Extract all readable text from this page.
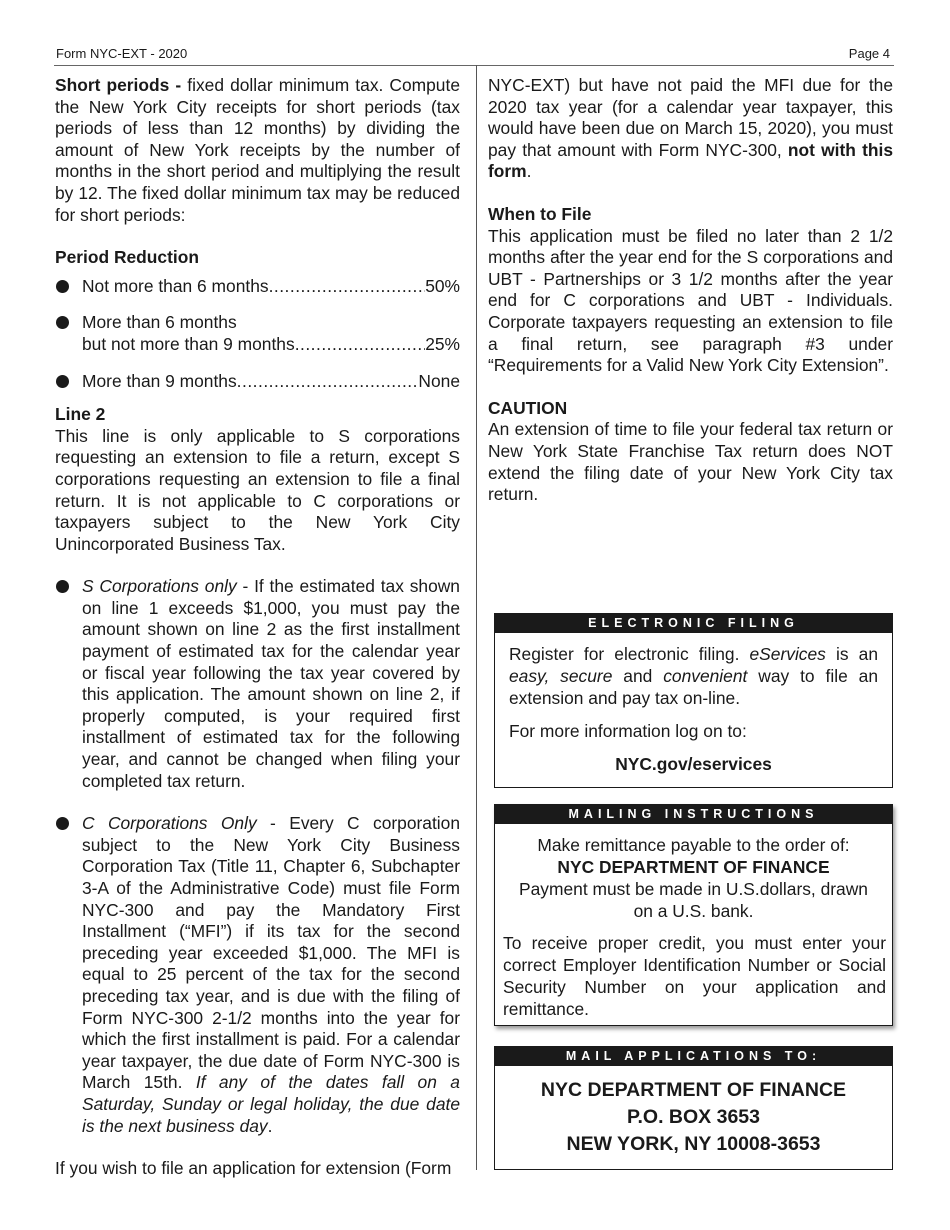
Form NYC-EXT - 2020	Page 4

Short periods - fixed dollar minimum tax. Compute the New York City receipts for short periods (tax periods of less than 12 months) by dividing the amount of New York receipts by the number of months in the short period and multiplying the result by 12. The fixed dollar minimum tax may be reduced for short periods:

Period Reduction

Not more than 6 months .....	50%
More than 6 months
but not more than 9 months .....	25%
More than 9 months .....	None

Line 2

This line is only applicable to S corporations requesting an extension to file a return, except S corporations requesting an extension to file a final return. It is not applicable to C corporations or taxpayers subject to the New York City Unincorporated Business Tax.

S Corporations only - If the estimated tax shown on line 1 exceeds $1,000, you must pay the amount shown on line 2 as the first installment payment of estimated tax for the calendar year or fiscal year following the tax year covered by this application. The amount shown on line 2, if properly computed, is your required first installment of estimated tax for the following year, and cannot be changed when filing your completed tax return.
C Corporations Only - Every C corporation subject to the New York City Business Corporation Tax (Title 11, Chapter 6, Subchapter 3-A of the Administrative Code) must file Form NYC-300 and pay the Mandatory First Installment (“MFI”) if its tax for the second preceding year exceeded $1,000. The MFI is equal to 25 percent of the tax for the second preceding tax year, and is due with the filing of Form NYC-300 2-1/2 months into the year for which the first installment is paid. For a calendar year taxpayer, the due date of Form NYC-300 is March 15th. If any of the dates fall on a Saturday, Sunday or legal holiday, the due date is the next business day.

If you wish to file an application for extension (Form

NYC-EXT) but have not paid the MFI due for the 2020 tax year (for a calendar year taxpayer, this would have been due on March 15, 2020), you must pay that amount with Form NYC-300, not with this form.

When to File

This application must be filed no later than 2 1/2 months after the year end for the S corporations and UBT - Partnerships or 3 1/2 months after the year end for C corporations and UBT - Individuals. Corporate taxpayers requesting an extension to file a final return, see paragraph #3 under “Requirements for a Valid New York City Extension”.

CAUTION

An extension of time to file your federal tax return or New York State Franchise Tax return does NOT extend the filing date of your New York City tax return.

ELECTRONIC FILING

Register for electronic filing. eServices is an easy, secure and convenient way to file an extension and pay tax on-line.

For more information log on to:

NYC.gov/eservices

MAILING INSTRUCTIONS

Make remittance payable to the order of:

NYC DEPARTMENT OF FINANCE

Payment must be made in U.S.dollars, drawn on a U.S. bank.

To receive proper credit, you must enter your correct Employer Identification Number or Social Security Number on your application and remittance.

MAIL APPLICATIONS TO:

NYC DEPARTMENT OF FINANCE

P.O. BOX 3653

NEW YORK, NY 10008-3653
